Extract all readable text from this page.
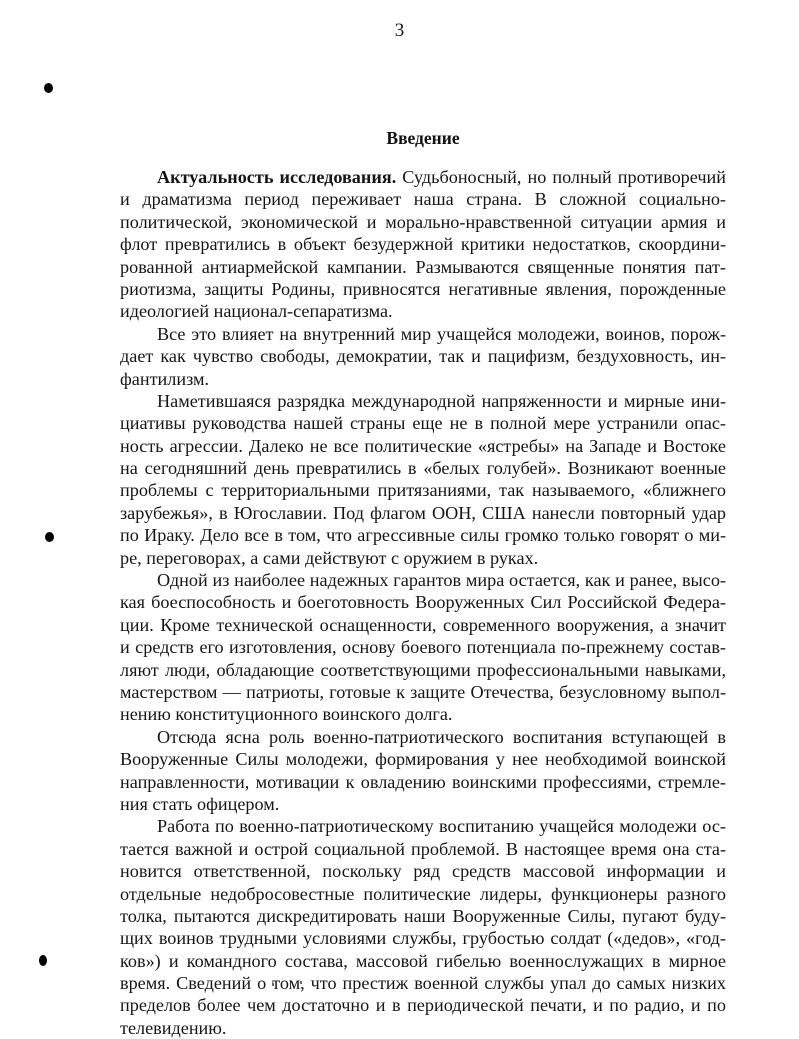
3
Введение
Актуальность исследования. Судьбоносный, но полный противоречий
и драматизма период переживает наша страна. В сложной социально-
политической, экономической и морально-нравственной ситуации армия и
флот превратились в объект безудержной критики недостатков, скоордини-
рованной антиармейской кампании. Размываются священные понятия пат-
риотизма, защиты Родины, привносятся негативные явления, порожденные
идеологией национал-сепаратизма.
Все это влияет на внутренний мир учащейся молодежи, воинов, порож-
дает как чувство свободы, демократии, так и пацифизм, бездуховность, ин-
фантилизм.
Наметившаяся разрядка международной напряженности и мирные ини-
циативы руководства нашей страны еще не в полной мере устранили опас-
ность агрессии. Далеко не все политические «ястребы» на Западе и Востоке
на сегодняшний день превратились в «белых голубей». Возникают военные
проблемы с территориальными притязаниями, так называемого, «ближнего
зарубежья», в Югославии. Под флагом ООН, США нанесли повторный удар
по Ираку. Дело все в том, что агрессивные силы громко только говорят о ми-
ре, переговорах, а сами действуют с оружием в руках.
Одной из наиболее надежных гарантов мира остается, как и ранее, высо-
кая боеспособность и боеготовность Вооруженных Сил Российской Федера-
ции. Кроме технической оснащенности, современного вооружения, а значит
и средств его изготовления, основу боевого потенциала по-прежнему состав-
ляют люди, обладающие соответствующими профессиональными навыками,
мастерством — патриоты, готовые к защите Отечества, безусловному выпол-
нению конституционного воинского долга.
Отсюда ясна роль военно-патриотического воспитания вступающей в
Вооруженные Силы молодежи, формирования у нее необходимой воинской
направленности, мотивации к овладению воинскими профессиями, стремле-
ния стать офицером.
Работа по военно-патриотическому воспитанию учащейся молодежи ос-
тается важной и острой социальной проблемой. В настоящее время она ста-
новится ответственной, поскольку ряд средств массовой информации и
отдельные недобросовестные политические лидеры, функционеры разного
толка, пытаются дискредитировать наши Вооруженные Силы, пугают буду-
щих воинов трудными условиями службы, грубостью солдат («дедов», «год-
ков») и командного состава, массовой гибелью военнослужащих в мирное
время. Сведений о том, что престиж военной службы упал до самых низких
пределов более чем достаточно и в периодической печати, и по радио, и по
телевидению.
